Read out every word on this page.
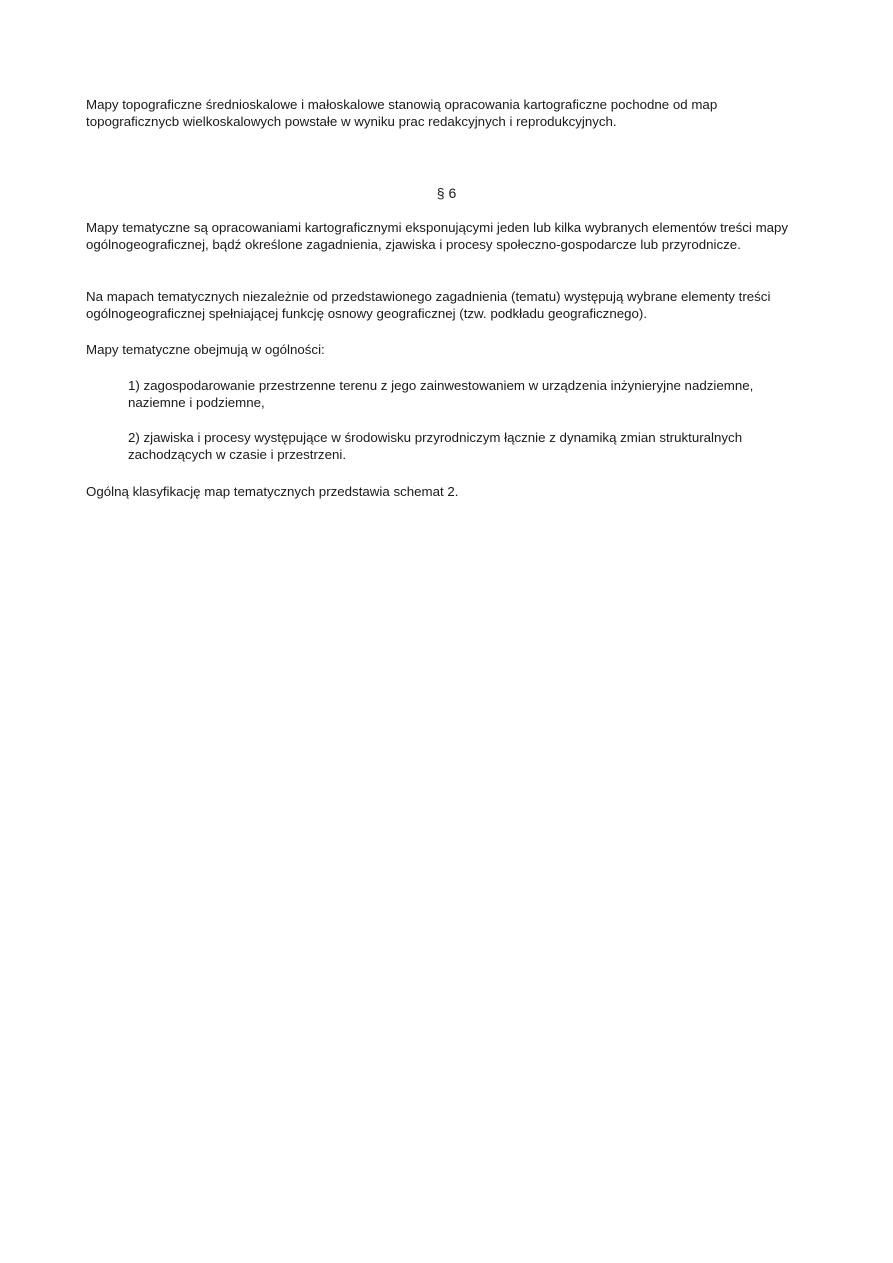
Mapy topograficzne średnioskalowe i małoskalowe stanowią opracowania kartograficzne pochodne od map topograficznycb wielkoskalowych powstałe w wyniku prac redakcyjnych i reprodukcyjnych.

§ 6

Mapy tematyczne są opracowaniami kartograficznymi eksponującymi jeden lub kilka wybranych elementów treści mapy ogólnogeograficznej, bądź określone zagadnienia, zjawiska i procesy społeczno-gospodarcze lub przyrodnicze.

Na mapach tematycznych niezależnie od przedstawionego zagadnienia (tematu) występują wybrane elementy treści ogólnogeograficznej spełniającej funkcję osnowy geograficznej (tzw. podkładu geograficznego).

Mapy tematyczne obejmują w ogólności:

1) zagospodarowanie przestrzenne terenu z jego zainwestowaniem w urządzenia inżynieryjne nadziemne, naziemne i podziemne,

2) zjawiska i procesy występujące w środowisku przyrodniczym łącznie z dynamiką zmian strukturalnych zachodzących w czasie i przestrzeni.

Ogólną klasyfikację map tematycznych przedstawia schemat 2.
